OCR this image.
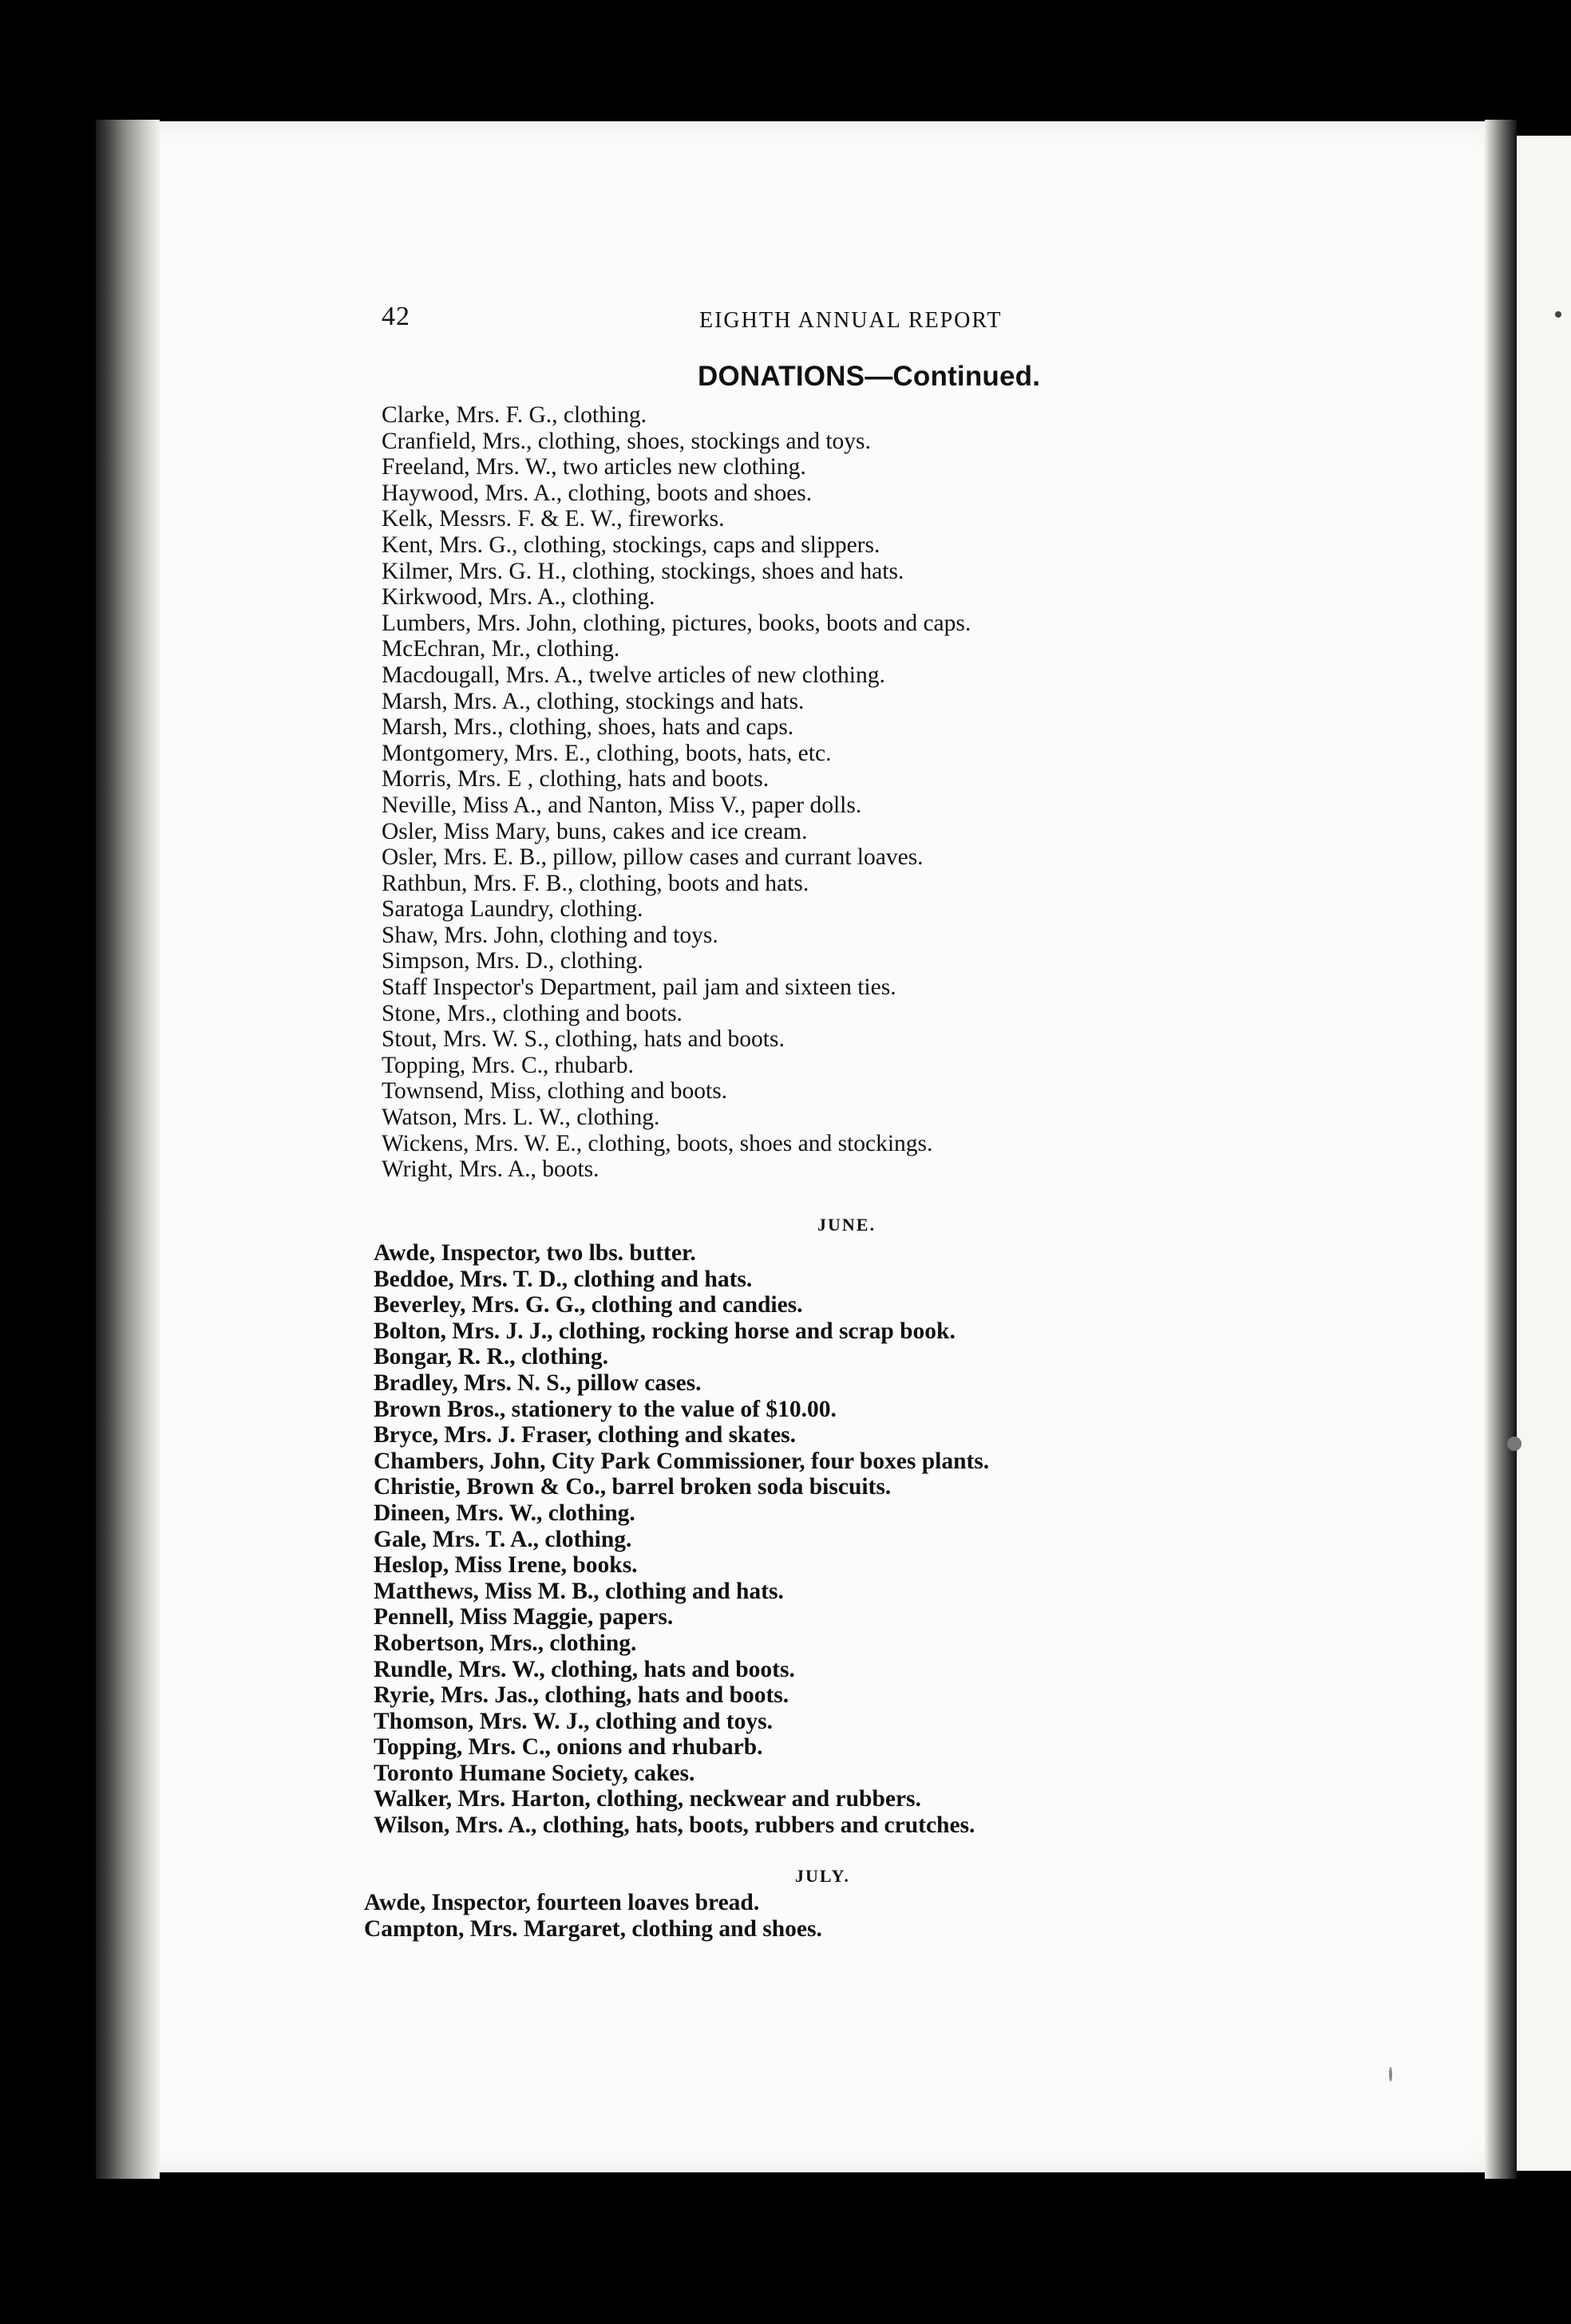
42	EIGHTH ANNUAL REPORT
DONATIONS—Continued.
Clarke, Mrs. F. G., clothing.
Cranfield, Mrs., clothing, shoes, stockings and toys.
Freeland, Mrs. W., two articles new clothing.
Haywood, Mrs. A., clothing, boots and shoes.
Kelk, Messrs. F. & E. W., fireworks.
Kent, Mrs. G., clothing, stockings, caps and slippers.
Kilmer, Mrs. G. H., clothing, stockings, shoes and hats.
Kirkwood, Mrs. A., clothing.
Lumbers, Mrs. John, clothing, pictures, books, boots and caps.
McEchran, Mr., clothing.
Macdougall, Mrs. A., twelve articles of new clothing.
Marsh, Mrs. A., clothing, stockings and hats.
Marsh, Mrs., clothing, shoes, hats and caps.
Montgomery, Mrs. E., clothing, boots, hats, etc.
Morris, Mrs. E , clothing, hats and boots.
Neville, Miss A., and Nanton, Miss V., paper dolls.
Osler, Miss Mary, buns, cakes and ice cream.
Osler, Mrs. E. B., pillow, pillow cases and currant loaves.
Rathbun, Mrs. F. B., clothing, boots and hats.
Saratoga Laundry, clothing.
Shaw, Mrs. John, clothing and toys.
Simpson, Mrs. D., clothing.
Staff Inspector's Department, pail jam and sixteen ties.
Stone, Mrs., clothing and boots.
Stout, Mrs. W. S., clothing, hats and boots.
Topping, Mrs. C., rhubarb.
Townsend, Miss, clothing and boots.
Watson, Mrs. L. W., clothing.
Wickens, Mrs. W. E., clothing, boots, shoes and stockings.
Wright, Mrs. A., boots.
JUNE.
Awde, Inspector, two lbs. butter.
Beddoe, Mrs. T. D., clothing and hats.
Beverley, Mrs. G. G., clothing and candies.
Bolton, Mrs. J. J., clothing, rocking horse and scrap book.
Bongar, R. R., clothing.
Bradley, Mrs. N. S., pillow cases.
Brown Bros., stationery to the value of $10.00.
Bryce, Mrs. J. Fraser, clothing and skates.
Chambers, John, City Park Commissioner, four boxes plants.
Christie, Brown & Co., barrel broken soda biscuits.
Dineen, Mrs. W., clothing.
Gale, Mrs. T. A., clothing.
Heslop, Miss Irene, books.
Matthews, Miss M. B., clothing and hats.
Pennell, Miss Maggie, papers.
Robertson, Mrs., clothing.
Rundle, Mrs. W., clothing, hats and boots.
Ryrie, Mrs. Jas., clothing, hats and boots.
Thomson, Mrs. W. J., clothing and toys.
Topping, Mrs. C., onions and rhubarb.
Toronto Humane Society, cakes.
Walker, Mrs. Harton, clothing, neckwear and rubbers.
Wilson, Mrs. A., clothing, hats, boots, rubbers and crutches.
JULY.
Awde, Inspector, fourteen loaves bread.
Campton, Mrs. Margaret, clothing and shoes.
